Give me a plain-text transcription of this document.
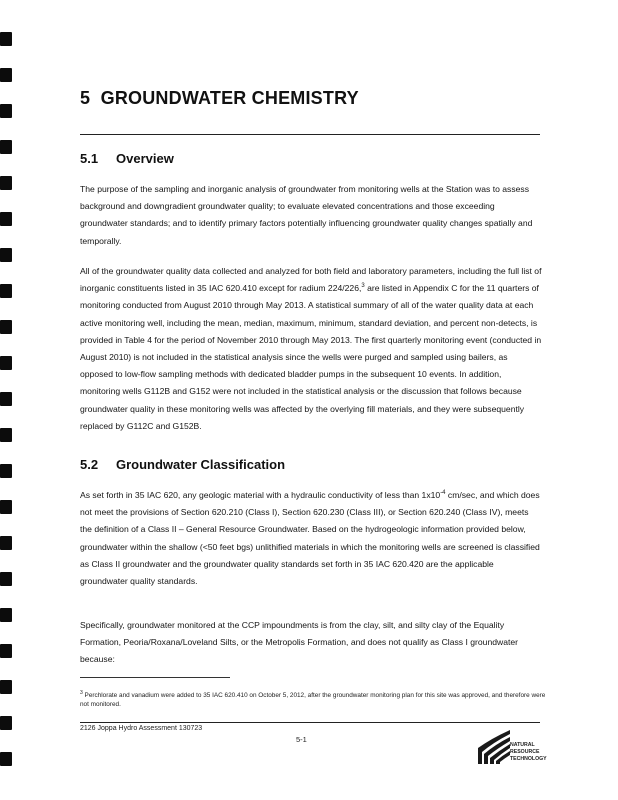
5 GROUNDWATER CHEMISTRY
5.1 Overview

The purpose of the sampling and inorganic analysis of groundwater from monitoring wells at the Station was to assess background and downgradient groundwater quality; to evaluate elevated concentrations and those exceeding groundwater standards; and to identify primary factors potentially influencing groundwater quality changes spatially and temporally.

All of the groundwater quality data collected and analyzed for both field and laboratory parameters, including the full list of inorganic constituents listed in 35 IAC 620.410 except for radium 224/226,$^3$ are listed in Appendix C for the 11 quarters of monitoring conducted from August 2010 through May 2013. A statistical summary of all of the water quality data at each active monitoring well, including the mean, median, maximum, minimum, standard deviation, and percent non-detects, is provided in Table 4 for the period of November 2010 through May 2013. The first quarterly monitoring event (conducted in August 2010) is not included in the statistical analysis since the wells were purged and sampled using bailers, as opposed to low-flow sampling methods with dedicated bladder pumps in the subsequent 10 events. In addition, monitoring wells G112B and G152 were not included in the statistical analysis or the discussion that follows because groundwater quality in these monitoring wells was affected by the overlying fill materials, and they were subsequently replaced by G112C and G152B.

5.2 Groundwater Classification

As set forth in 35 IAC 620, any geologic material with a hydraulic conductivity of less than $1x10^{-4}$ cm/sec, and which does not meet the provisions of Section 620.210 (Class I), Section 620.230 (Class III), or Section 620.240 (Class IV), meets the definition of a Class II – General Resource Groundwater. Based on the hydrogeologic information provided below, groundwater within the shallow (<50 feet bgs) unlithified materials in which the monitoring wells are screened is classified as Class II groundwater and the groundwater quality standards set forth in 35 IAC 620.420 are the applicable groundwater quality standards.

Specifically, groundwater monitored at the CCP impoundments is from the clay, silt, and silty clay of the Equality Formation, Peoria/Roxana/Loveland Silts, or the Metropolis Formation, and does not qualify as Class I groundwater because:

$^3$ Perchlorate and vanadium were added to 35 IAC 620.410 on October 5, 2012, after the groundwater monitoring plan for this site was approved, and therefore were not monitored.

2126 Joppa Hydro Assessment 130723
5-1
NATURAL
RESOURCE
TECHNOLOGY
